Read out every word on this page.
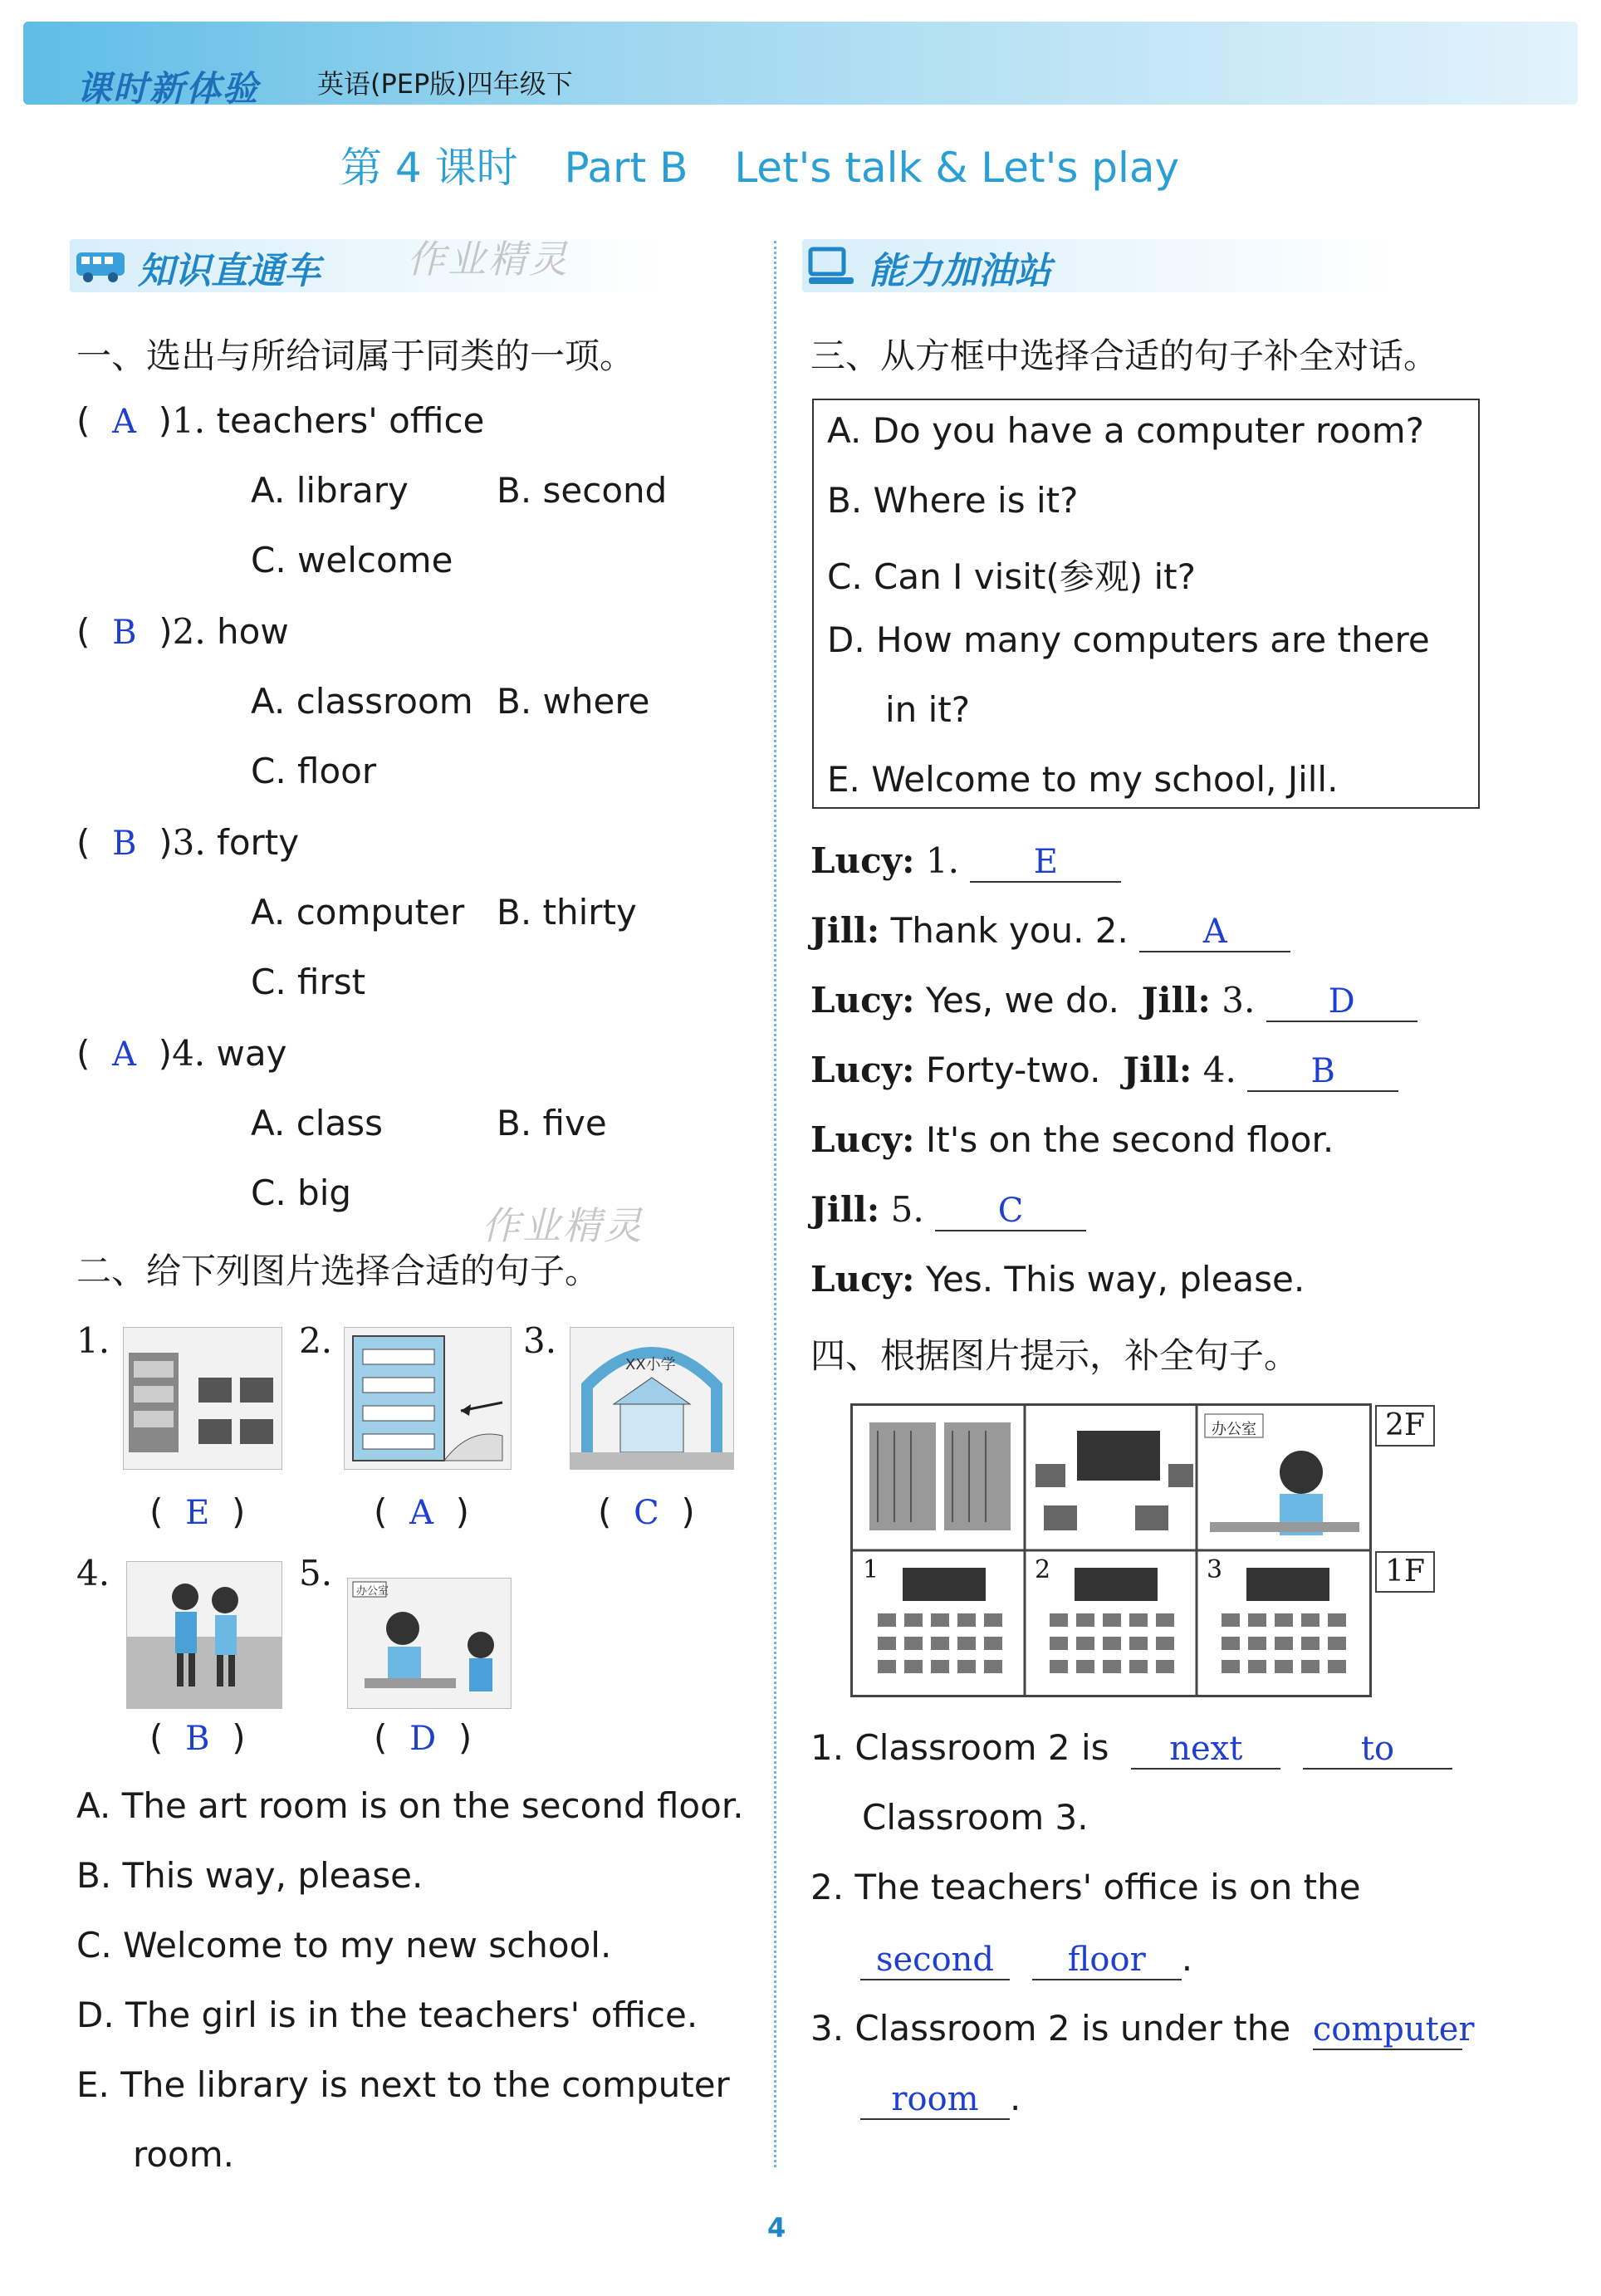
课时新体验 英语(PEP版)四年级下
第 4 课时 Part B Let's talk & Let's play
知识直通车 作业精灵
一、选出与所给词属于同类的一项。
(  A  )1. teachers' office
A. library	B. second
C. welcome
(  B  )2. how
A. classroom B. where
C. floor
(  B  )3. forty
A. computer B. thirty
C. first
(  A  )4. way
A. class	B. five
C. big
作业精灵
二、给下列图片选择合适的句子。
1.	2.	3.
XX小学
(  E  )	(  A  )	(  C  )
4.	5. 办公室
(  B  )	(  D  )
A. The art room is on the second floor.
B. This way, please.
C. Welcome to my new school.
D. The girl is in the teachers' office.
E. The library is next to the computer
room.
能力加油站
三、从方框中选择合适的句子补全对话。
A. Do you have a computer room?
B. Where is it?
C. Can I visit(参观) it?
D. How many computers are there
in it?
E. Welcome to my school, Jill.
Lucy: 1. E
Jill: Thank you. 2. A
Lucy: Yes, we do. Jill: 3. D
Lucy: Forty-two. Jill: 4. B
Lucy: It's on the second floor.
Jill: 5. C
Lucy: Yes. This way, please.
四、根据图片提示，补全句子。
办公室
1	2	3
2F
1F
1. Classroom 2 is next	to
Classroom 3.
2. The teachers' office is on the
second floor .
3. Classroom 2 is under the computer
room .
4
